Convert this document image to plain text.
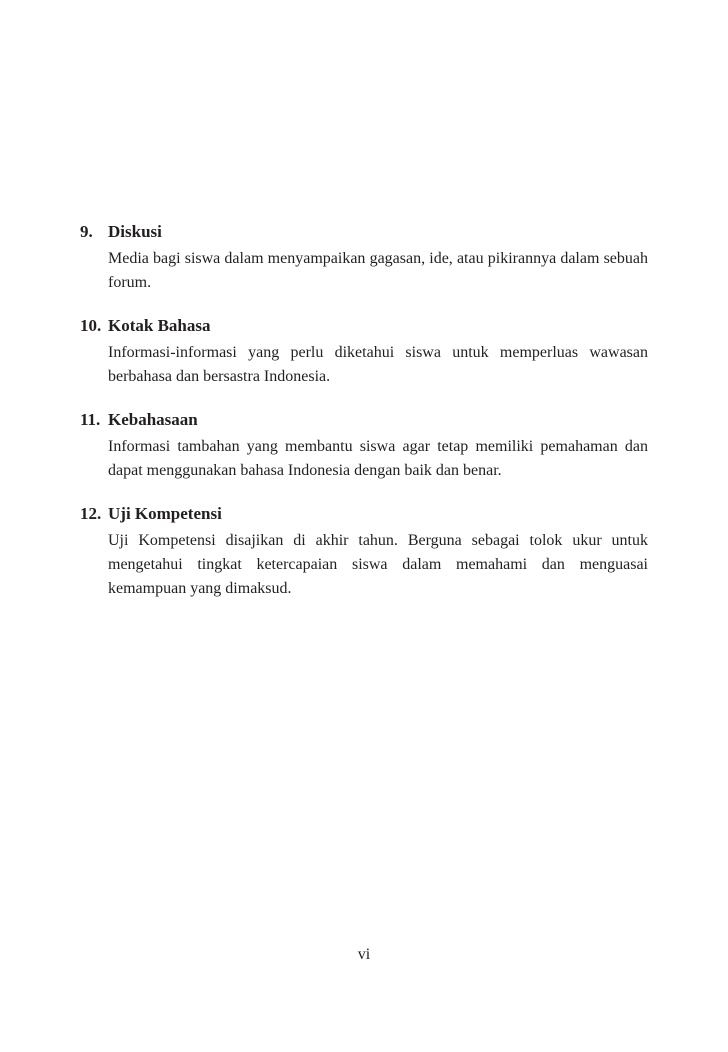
9. Diskusi

Media bagi siswa dalam menyampaikan gagasan, ide, atau pikirannya dalam sebuah forum.

10. Kotak Bahasa

Informasi-informasi yang perlu diketahui siswa untuk memperluas wawasan berbahasa dan bersastra Indonesia.

11. Kebahasaan

Informasi tambahan yang membantu siswa agar tetap memiliki pemahaman dan dapat menggunakan bahasa Indonesia dengan baik dan benar.

12. Uji Kompetensi

Uji Kompetensi disajikan di akhir tahun. Berguna sebagai tolok ukur untuk mengetahui tingkat ketercapaian siswa dalam memahami dan menguasai kemampuan yang dimaksud.

vi
